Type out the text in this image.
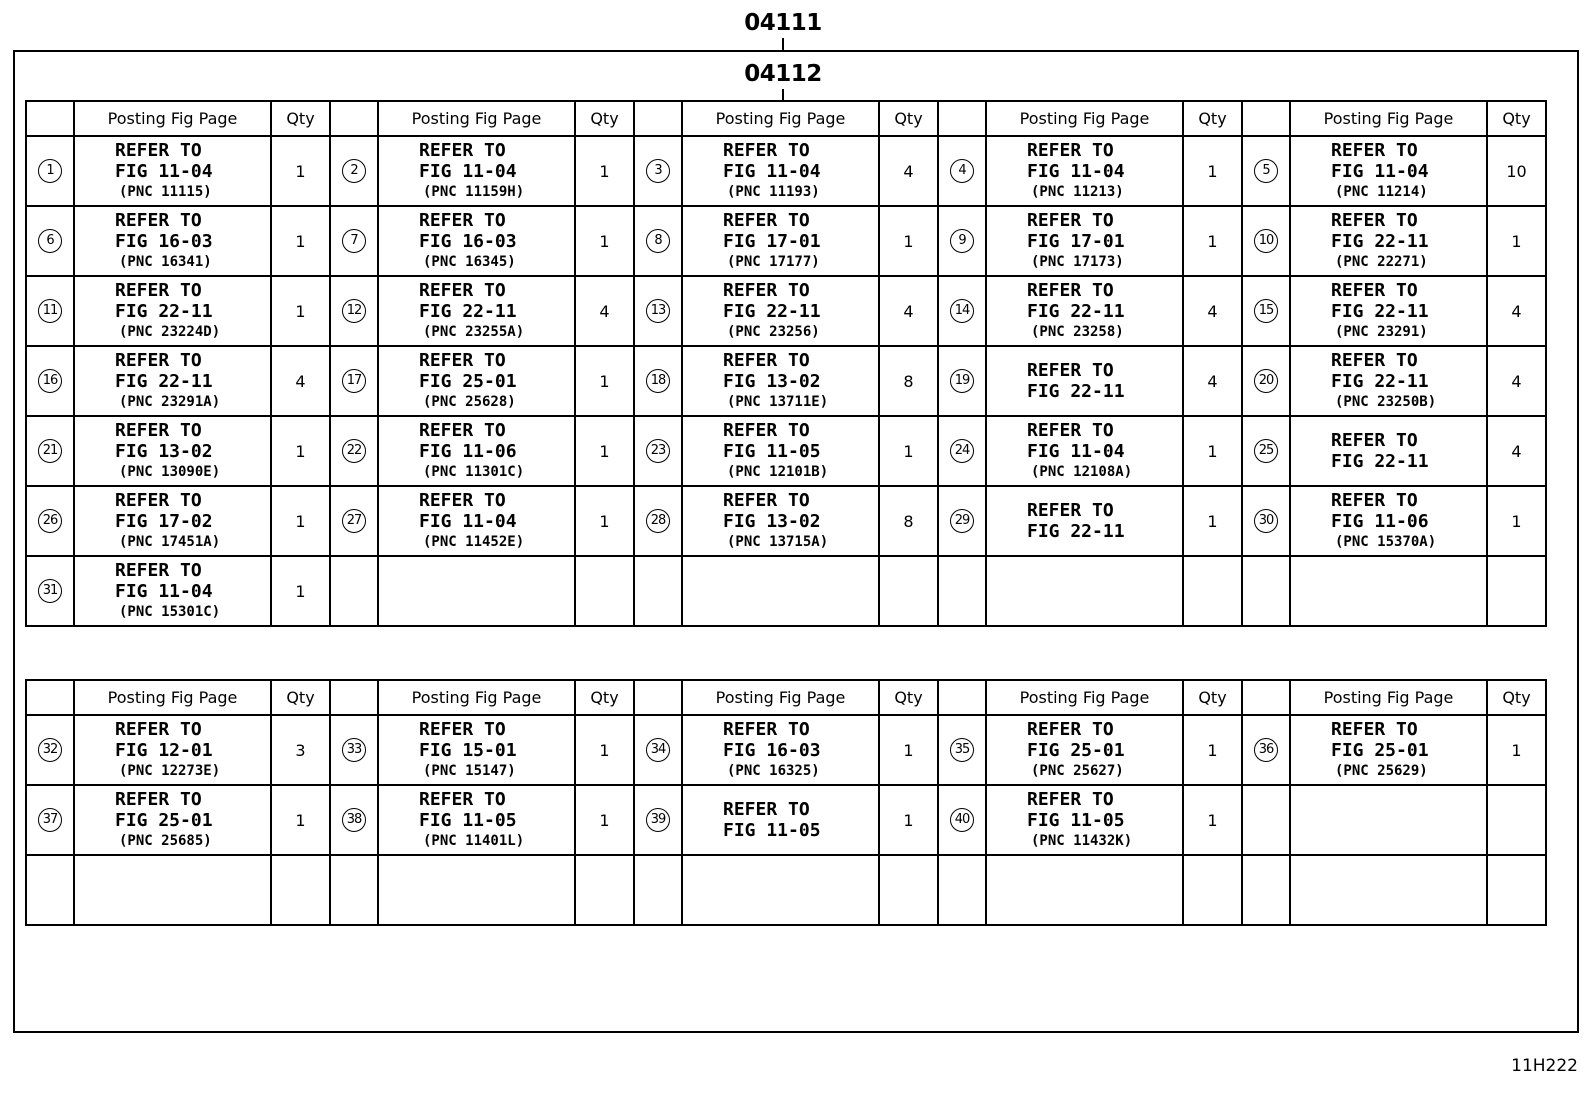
04111
04112
	Posting Fig Page	Qty		Posting Fig Page	Qty		Posting Fig Page	Qty		Posting Fig Page	Qty		Posting Fig Page	Qty
1	REFER TO
FIG 11-04
(PNC 11115)	1	2	REFER TO
FIG 11-04
(PNC 11159H)	1	3	REFER TO
FIG 11-04
(PNC 11193)	4	4	REFER TO
FIG 11-04
(PNC 11213)	1	5	REFER TO
FIG 11-04
(PNC 11214)	10
6	REFER TO
FIG 16-03
(PNC 16341)	1	7	REFER TO
FIG 16-03
(PNC 16345)	1	8	REFER TO
FIG 17-01
(PNC 17177)	1	9	REFER TO
FIG 17-01
(PNC 17173)	1	10	REFER TO
FIG 22-11
(PNC 22271)	1
11	REFER TO
FIG 22-11
(PNC 23224D)	1	12	REFER TO
FIG 22-11
(PNC 23255A)	4	13	REFER TO
FIG 22-11
(PNC 23256)	4	14	REFER TO
FIG 22-11
(PNC 23258)	4	15	REFER TO
FIG 22-11
(PNC 23291)	4
16	REFER TO
FIG 22-11
(PNC 23291A)	4	17	REFER TO
FIG 25-01
(PNC 25628)	1	18	REFER TO
FIG 13-02
(PNC 13711E)	8	19	REFER TO
FIG 22-11	4	20	REFER TO
FIG 22-11
(PNC 23250B)	4
21	REFER TO
FIG 13-02
(PNC 13090E)	1	22	REFER TO
FIG 11-06
(PNC 11301C)	1	23	REFER TO
FIG 11-05
(PNC 12101B)	1	24	REFER TO
FIG 11-04
(PNC 12108A)	1	25	REFER TO
FIG 22-11	4
26	REFER TO
FIG 17-02
(PNC 17451A)	1	27	REFER TO
FIG 11-04
(PNC 11452E)	1	28	REFER TO
FIG 13-02
(PNC 13715A)	8	29	REFER TO
FIG 22-11	1	30	REFER TO
FIG 11-06
(PNC 15370A)	1
31	REFER TO
FIG 11-04
(PNC 15301C)	1												
	Posting Fig Page	Qty		Posting Fig Page	Qty		Posting Fig Page	Qty		Posting Fig Page	Qty		Posting Fig Page	Qty
32	REFER TO
FIG 12-01
(PNC 12273E)	3	33	REFER TO
FIG 15-01
(PNC 15147)	1	34	REFER TO
FIG 16-03
(PNC 16325)	1	35	REFER TO
FIG 25-01
(PNC 25627)	1	36	REFER TO
FIG 25-01
(PNC 25629)	1
37	REFER TO
FIG 25-01
(PNC 25685)	1	38	REFER TO
FIG 11-05
(PNC 11401L)	1	39	REFER TO
FIG 11-05	1	40	REFER TO
FIG 11-05
(PNC 11432K)	1			

11H222
